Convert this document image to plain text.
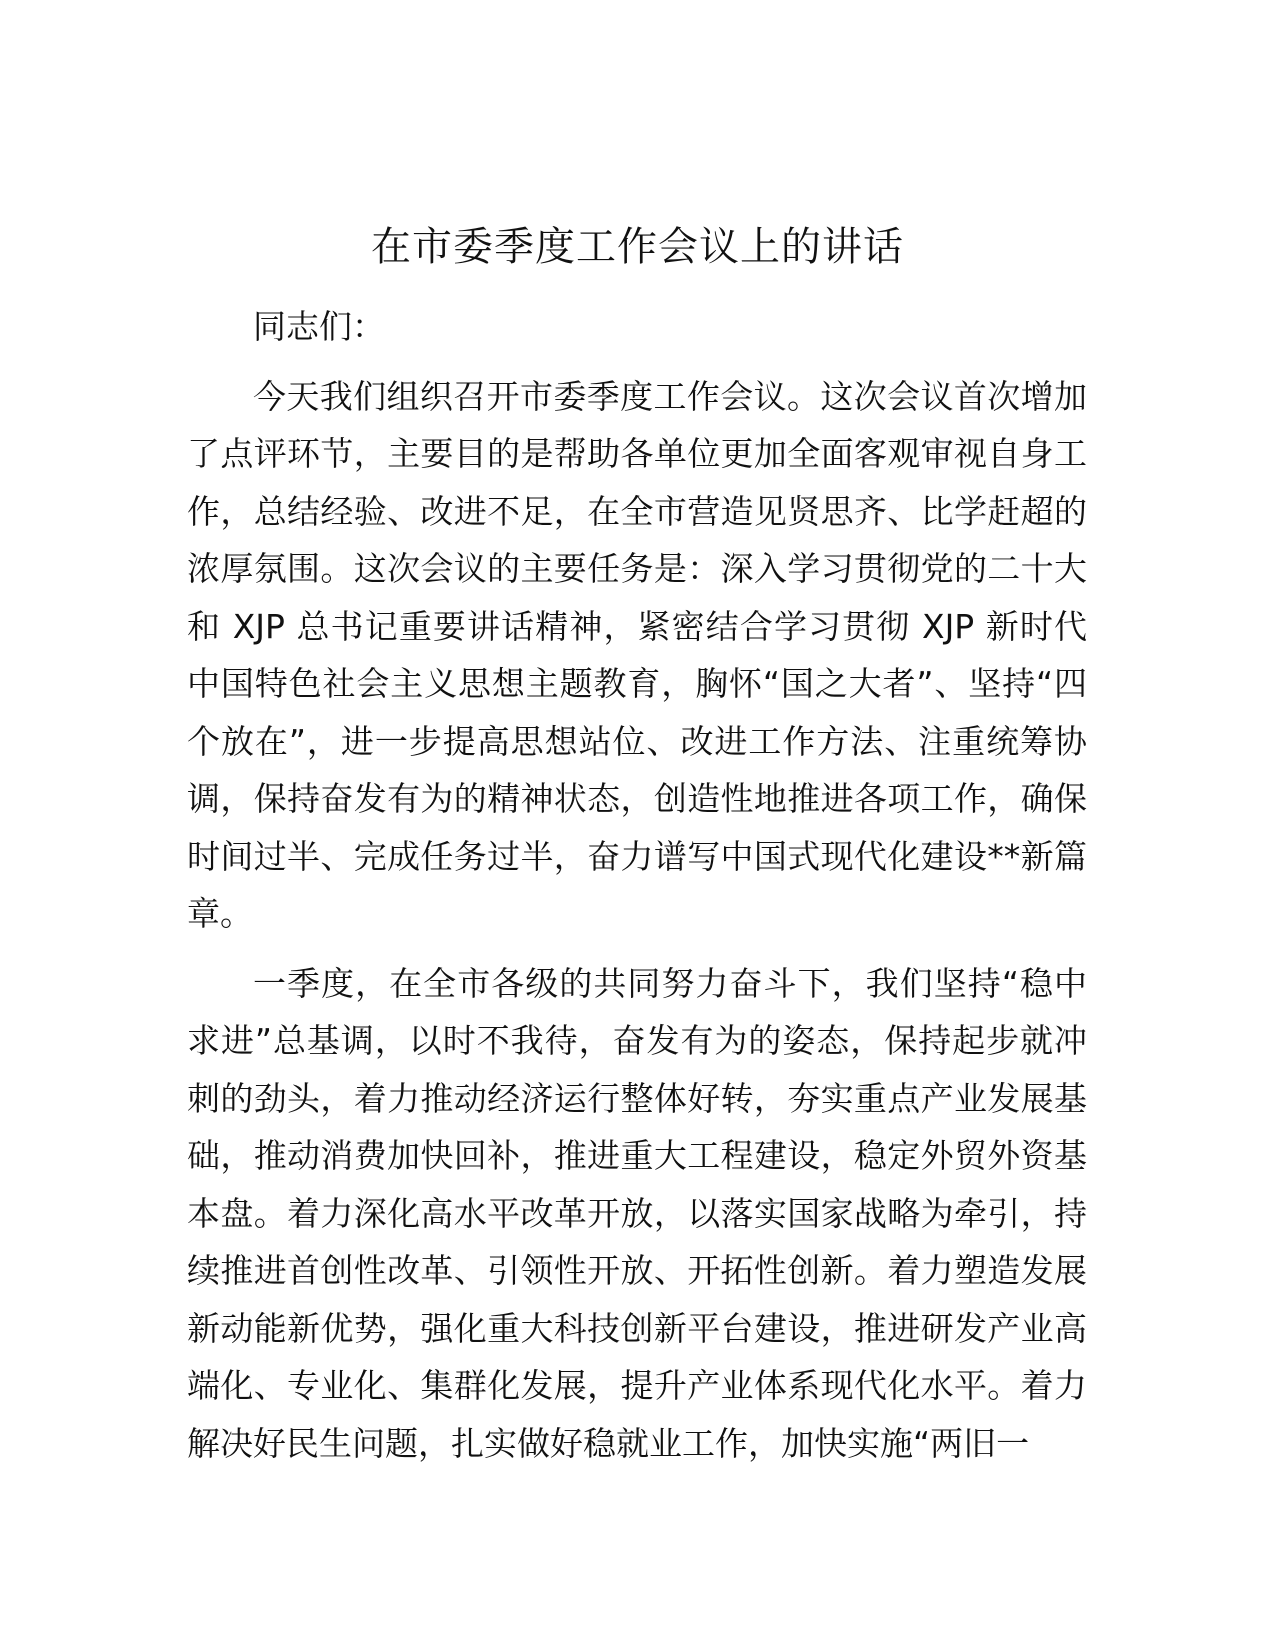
在市委季度工作会议上的讲话

同志们：

今天我们组织召开市委季度工作会议。这次会议首次增加了点评环节，主要目的是帮助各单位更加全面客观审视自身工作，总结经验、改进不足，在全市营造见贤思齐、比学赶超的浓厚氛围。这次会议的主要任务是：深入学习贯彻党的二十大和 XJP 总书记重要讲话精神，紧密结合学习贯彻 XJP 新时代中国特色社会主义思想主题教育，胸怀“国之大者”、坚持“四个放在”，进一步提高思想站位、改进工作方法、注重统筹协调，保持奋发有为的精神状态，创造性地推进各项工作，确保时间过半、完成任务过半，奋力谱写中国式现代化建设**新篇章。

一季度，在全市各级的共同努力奋斗下，我们坚持“稳中求进”总基调，以时不我待，奋发有为的姿态，保持起步就冲刺的劲头，着力推动经济运行整体好转，夯实重点产业发展基础，推动消费加快回补，推进重大工程建设，稳定外贸外资基本盘。着力深化高水平改革开放，以落实国家战略为牵引，持续推进首创性改革、引领性开放、开拓性创新。着力塑造发展新动能新优势，强化重大科技创新平台建设，推进研发产业高端化、专业化、集群化发展，提升产业体系现代化水平。着力解决好民生问题，扎实做好稳就业工作，加快实施“两旧一
